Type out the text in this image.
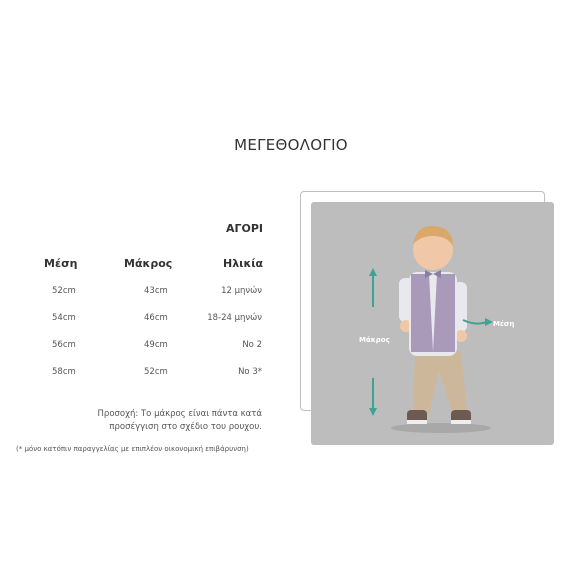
ΜΕΓΕΘΟΛΟΓΙΟ
ΑΓΟΡΙ
Μέση	Μάκρος	Ηλικία
52cm	43cm	12 μηνών
54cm	46cm	18-24 μηνών
56cm	49cm	No 2
58cm	52cm	No 3*
Προσοχή: Το μάκρος είναι πάντα κατά
προσέγγιση στο σχέδιο του ρουχου.
(* μόνο κατόπιν παραγγελίας με επιπλέον οικονομική επιβάρυνση)
Μάκρος
Μέση
